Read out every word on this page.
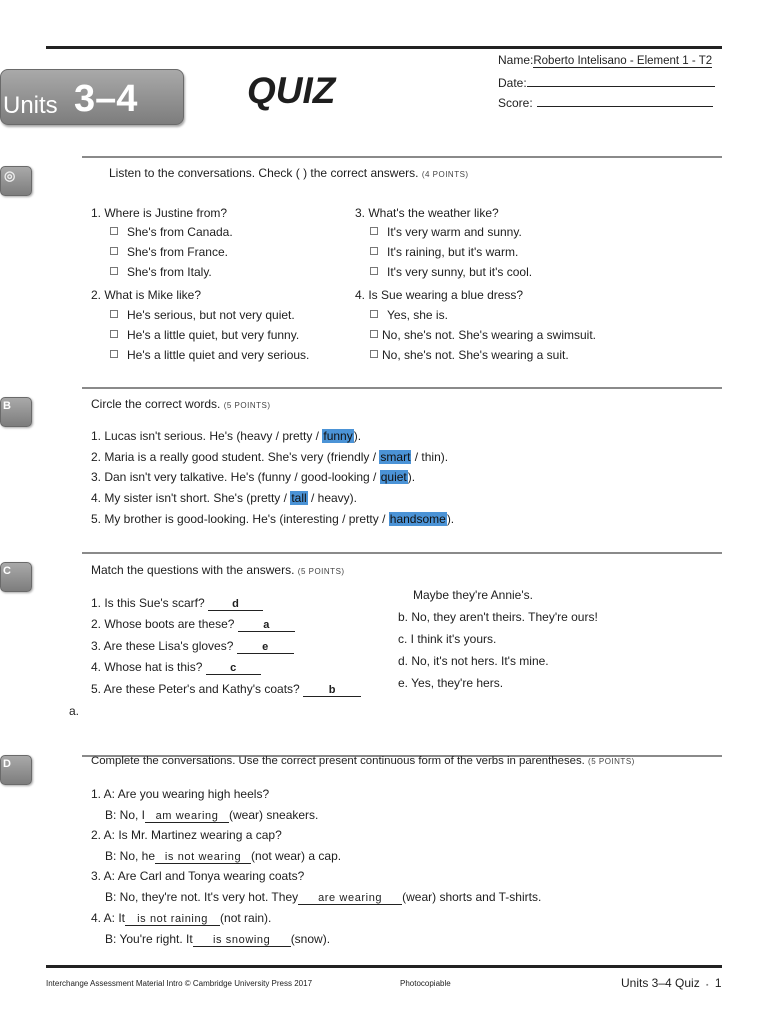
Units 3–4	QUIZ
Name:Roberto Intelisano - Element 1 - T2
Date:
Score:
◎	Listen to the conversations. Check ( ) the correct answers. (4 POINTS)
1. Where is Justine from?
She's from Canada.
She's from France.
She's from Italy.
2. What is Mike like?
He's serious, but not very quiet.
He's a little quiet, but very funny.
He's a little quiet and very serious.
3. What's the weather like?
It's very warm and sunny.
It's raining, but it's warm.
It's very sunny, but it's cool.
4. Is Sue wearing a blue dress?
Yes, she is.
No, she's not. She's wearing a swimsuit.
No, she's not. She's wearing a suit.
B	Circle the correct words. (5 POINTS)
1. Lucas isn't serious. He's (heavy / pretty / funny).
2. Maria is a really good student. She's very (friendly / smart / thin).
3. Dan isn't very talkative. He's (funny / good-looking / quiet).
4. My sister isn't short. She's (pretty / tall / heavy).
5. My brother is good-looking. He's (interesting / pretty / handsome).
C	Match the questions with the answers. (5 POINTS)
1. Is this Sue's scarf? d
2. Whose boots are these?	a
3. Are these Lisa's gloves?	e
4. Whose hat is this?	c
5. Are these Peter's and Kathy's coats?	b
Maybe they're Annie's.
b. No, they aren't theirs. They're ours!
c. I think it's yours.
d. No, it's not hers. It's mine.
e. Yes, they're hers.
a.
D	Complete the conversations. Use the correct present continuous form of the verbs in parentheses. (5 POINTS)
1. A: Are you wearing high heels?
B: No, I am wearing (wear) sneakers.
2. A: Is Mr. Martinez wearing a cap?
B: No, he is not wearing (not wear) a cap.
3. A: Are Carl and Tonya wearing coats?
B: No, they're not. It's very hot. They are wearing (wear) shorts and T-shirts.
4. A: It is not raining (not rain).
B: You're right. It is snowing (snow).
Interchange Assessment Material Intro © Cambridge University Press 2017	Photocopiable	Units 3–4 Quiz ▪ 1
